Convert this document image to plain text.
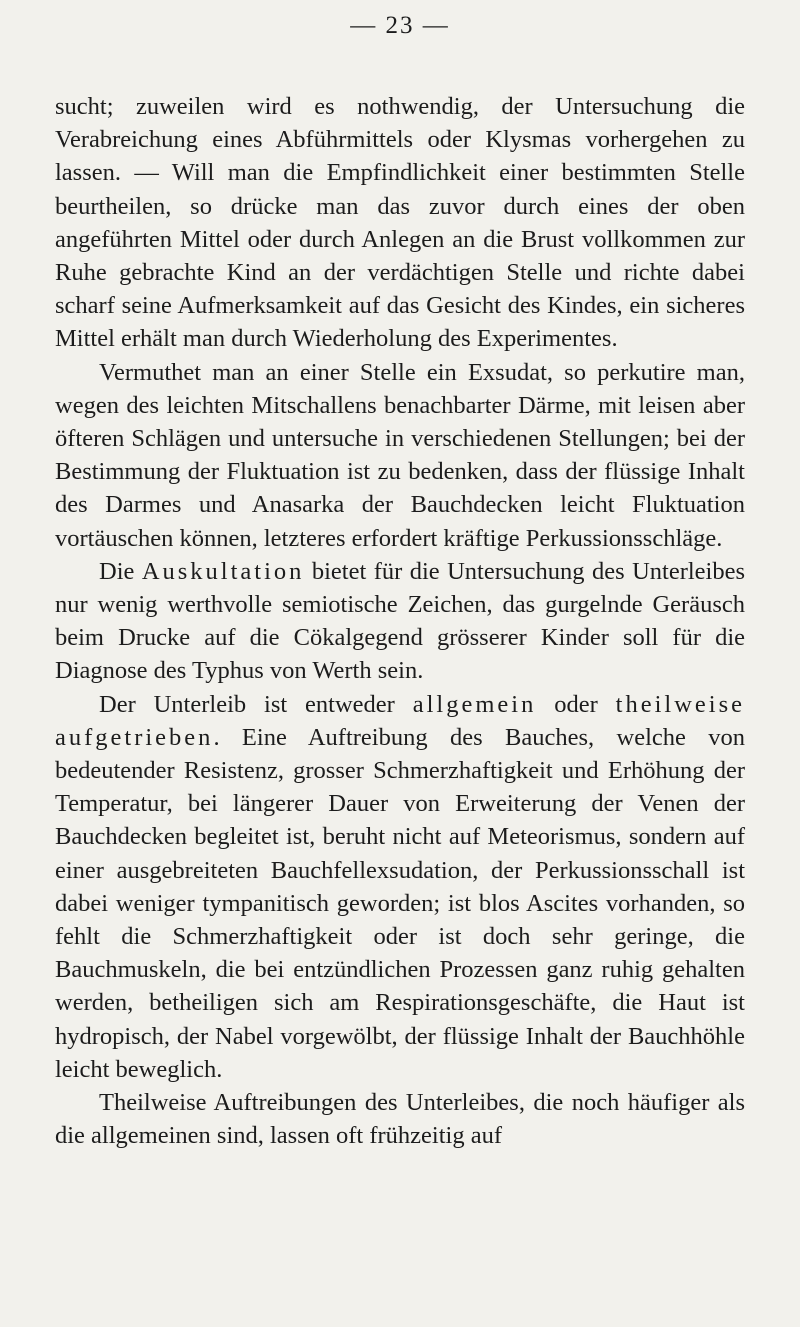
— 23 —

sucht; zuweilen wird es nothwendig, der Untersuchung die Verabreichung eines Abführmittels oder Klysmas vorhergehen zu lassen. — Will man die Empfindlichkeit einer bestimmten Stelle beurtheilen, so drücke man das zuvor durch eines der oben angeführten Mittel oder durch Anlegen an die Brust vollkommen zur Ruhe gebrachte Kind an der verdächtigen Stelle und richte dabei scharf seine Aufmerksamkeit auf das Gesicht des Kindes, ein sicheres Mittel erhält man durch Wiederholung des Experimentes.

Vermuthet man an einer Stelle ein Exsudat, so perkutire man, wegen des leichten Mitschallens benachbarter Därme, mit leisen aber öfteren Schlägen und untersuche in verschiedenen Stellungen; bei der Bestimmung der Fluktuation ist zu bedenken, dass der flüssige Inhalt des Darmes und Anasarka der Bauchdecken leicht Fluktuation vortäuschen können, letzteres erfordert kräftige Perkussionsschläge.

Die Auskultation bietet für die Untersuchung des Unterleibes nur wenig werthvolle semiotische Zeichen, das gurgelnde Geräusch beim Drucke auf die Cökalgegend grösserer Kinder soll für die Diagnose des Typhus von Werth sein.

Der Unterleib ist entweder allgemein oder theilweise aufgetrieben. Eine Auftreibung des Bauches, welche von bedeutender Resistenz, grosser Schmerzhaftigkeit und Erhöhung der Temperatur, bei längerer Dauer von Erweiterung der Venen der Bauchdecken begleitet ist, beruht nicht auf Meteorismus, sondern auf einer ausgebreiteten Bauchfellexsudation, der Perkussionsschall ist dabei weniger tympanitisch geworden; ist blos Ascites vorhanden, so fehlt die Schmerzhaftigkeit oder ist doch sehr geringe, die Bauchmuskeln, die bei entzündlichen Prozessen ganz ruhig gehalten werden, betheiligen sich am Respirationsgeschäfte, die Haut ist hydropisch, der Nabel vorgewölbt, der flüssige Inhalt der Bauchhöhle leicht beweglich.

Theilweise Auftreibungen des Unterleibes, die noch häufiger als die allgemeinen sind, lassen oft frühzeitig auf
